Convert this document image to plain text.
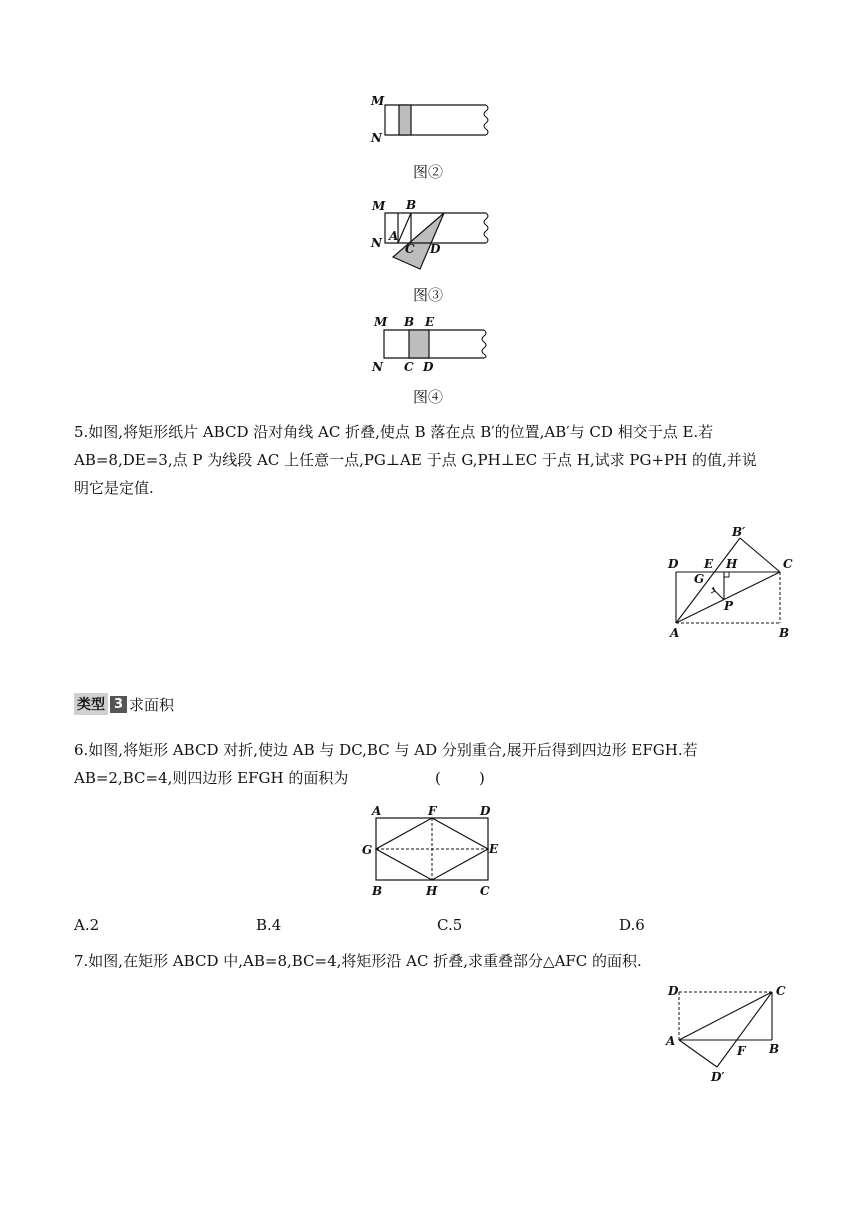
M
N
图②
M B
N A
C D
图③
M B E
N C D
图④
5.如图,将矩形纸片 ABCD 沿对角线 AC 折叠,使点 B 落在点 B′的位置,AB′与 CD 相交于点 E.若
AB=8,DE=3,点 P 为线段 AC 上任意一点,PG⊥AE 于点 G,PH⊥EC 于点 H,试求 PG+PH 的值,并说
明它是定值.
B′
D E H	C
G
P
A	B
类型 3 求面积
6.如图,将矩形 ABCD 对折,使边 AB 与 DC,BC 与 AD 分别重合,展开后得到四边形 EFGH.若
AB=2,BC=4,则四边形 EFGH 的面积为	(        )
A	F	D
G	E
B	H	C
A.2	B.4	C.5	D.6
7.如图,在矩形 ABCD 中,AB=8,BC=4,将矩形沿 AC 折叠,求重叠部分△AFC 的面积.
D	C
A
F B
D′
